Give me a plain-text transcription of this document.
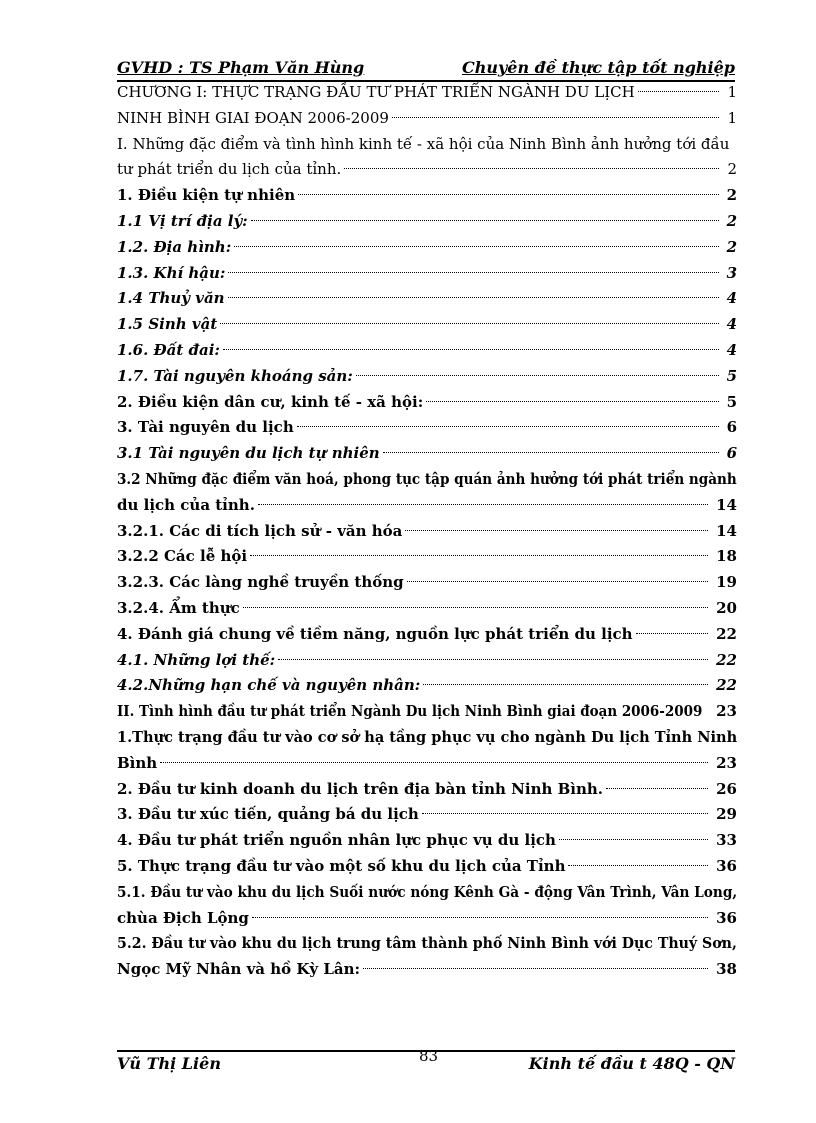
GVHD : TS Phạm Văn Hùng	Chuyên đề thực tập tốt nghiệp
CHƯƠNG I: THỰC TRẠNG ĐẦU TƯ PHÁT TRIỂN NGÀNH DU LỊCH	1
NINH BÌNH GIAI ĐOẠN 2006-2009	1
I. Những đặc điểm và tình hình kinh tế - xã hội của Ninh Bình ảnh hưởng tới đầu
tư phát triển du lịch của tỉnh.	2
1. Điều kiện tự nhiên	2
1.1 Vị trí địa lý:	2
1.2. Địa hình:	2
1.3. Khí hậu:	3
1.4 Thuỷ văn	4
1.5 Sinh vật	4
1.6. Đất đai:	4
1.7. Tài nguyên khoáng sản:	5
2. Điều kiện dân cư, kinh tế - xã hội:	5
3. Tài nguyên du lịch	6
3.1 Tài nguyên du lịch tự nhiên	6
3.2 Những đặc điểm văn hoá, phong tục tập quán ảnh hưởng tới phát triển ngành
du lịch của tỉnh.	14
3.2.1. Các di tích lịch sử - văn hóa	14
3.2.2 Các lễ hội	18
3.2.3. Các làng nghề truyền thống	19
3.2.4. Ẩm thực	20
4. Đánh giá chung về tiềm năng, nguồn lực phát triển du lịch	22
4.1. Những lợi thế:	22
4.2.Những hạn chế và nguyên nhân:	22
II. Tình hình đầu tư phát triển Ngành Du lịch Ninh Bình giai đoạn 2006-2009 23
1.Thực trạng đầu tư vào cơ sở hạ tầng phục vụ cho ngành Du lịch Tỉnh Ninh
Bình	23
2. Đầu tư kinh doanh du lịch trên địa bàn tỉnh Ninh Bình.	26
3. Đầu tư xúc tiến, quảng bá du lịch	29
4. Đầu tư phát triển nguồn nhân lực phục vụ du lịch	33
5. Thực trạng đầu tư vào một số khu du lịch của Tỉnh	36
5.1. Đầu tư vào khu du lịch Suối nước nóng Kênh Gà - động Vân Trình, Vân Long,
chùa Địch Lộng	36
5.2. Đầu tư vào khu du lịch trung tâm thành phố Ninh Bình với Dục Thuý Sơn,
Ngọc Mỹ Nhân và hồ Kỳ Lân:	38
Vũ Thị Liên	83	Kinh tế đầu t 48Q - QN
